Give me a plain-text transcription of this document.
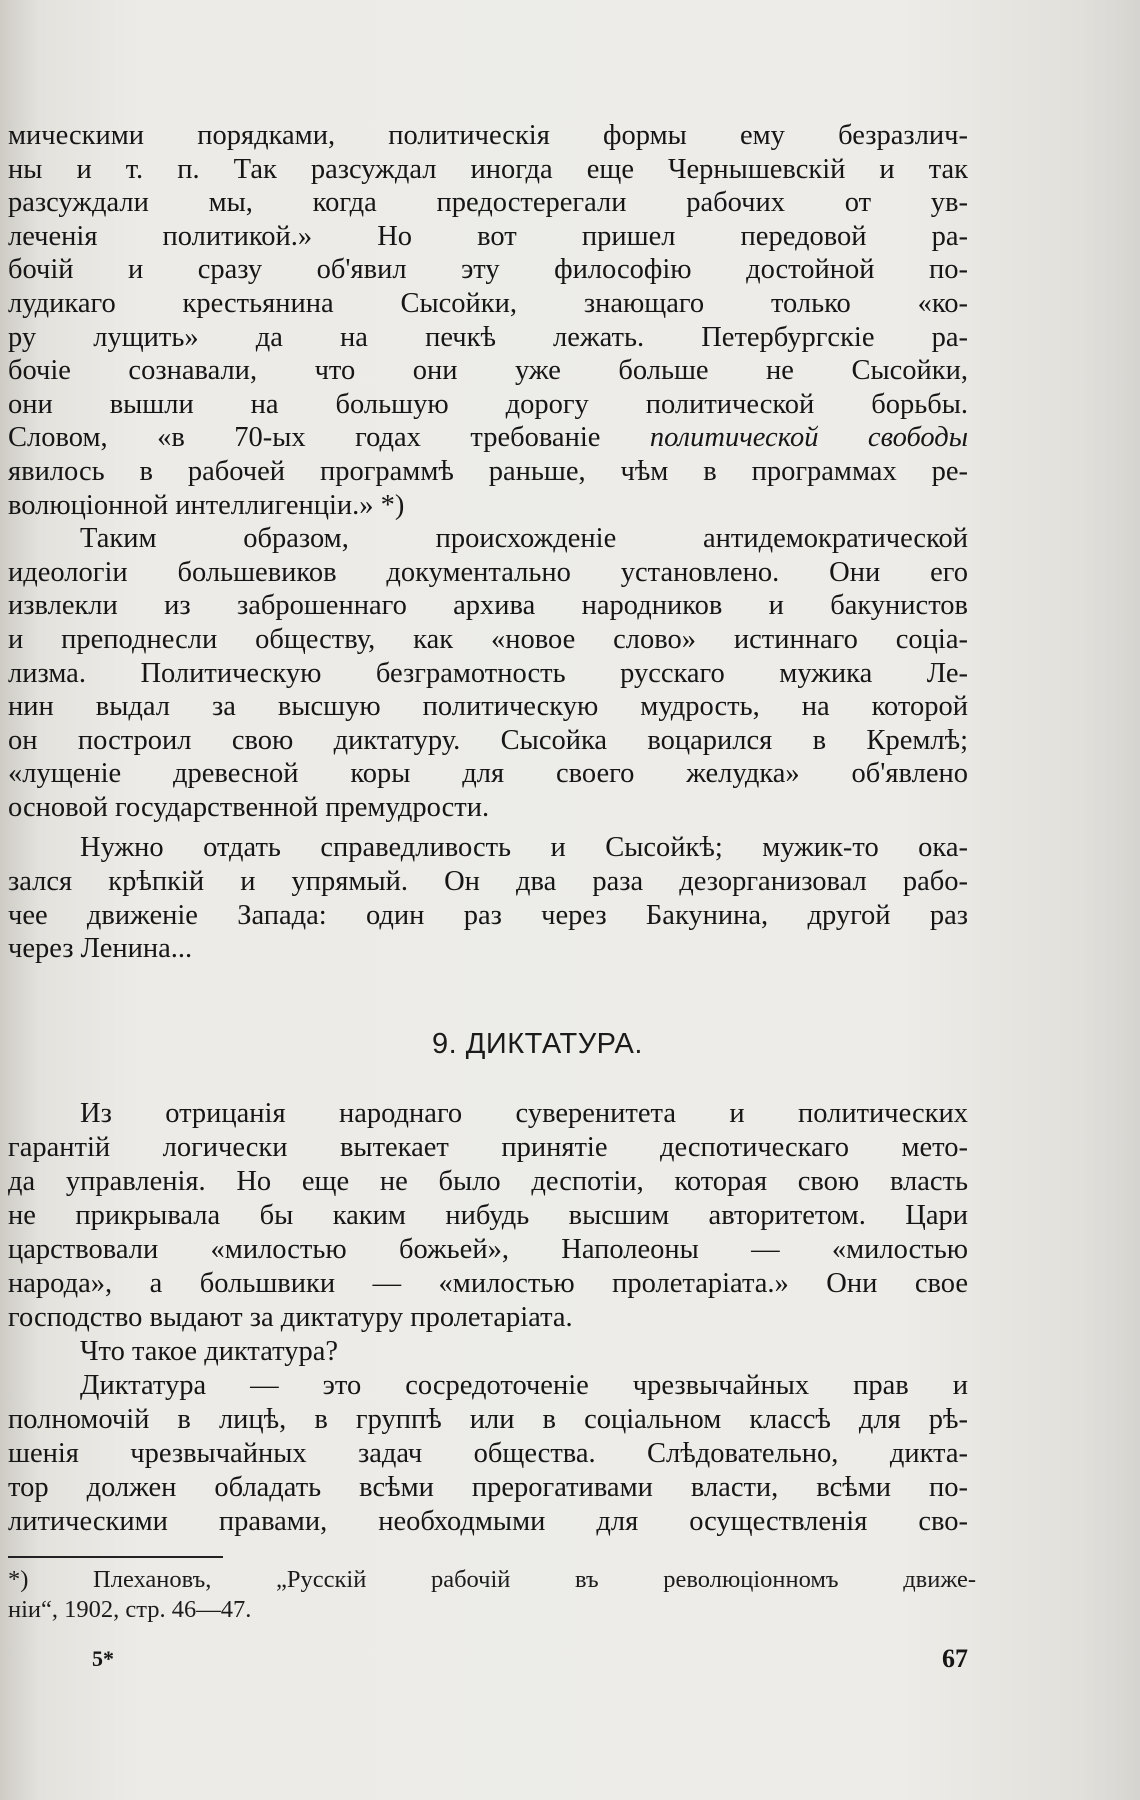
мическими порядками, политическія формы ему безразлич-
ны и т. п. Так разсуждал иногда еще Чернышевскій и так
разсуждали мы, когда предостерегали рабочих от ув-
леченія политикой.» Но вот пришел передовой ра-
бочій и сразу об'явил эту философію достойной по-
лудикаго крестьянина Сысойки, знающаго только «ко-
ру лущить» да на печкѣ лежать. Петербургскіе ра-
бочіе сознавали, что они уже больше не Сысойки,
они вышли на большую дорогу политической борьбы.
Словом, «в 70-ых годах требованіе политической свободы
явилось в рабочей программѣ раньше, чѣм в программах ре-
волюціонной интеллигенціи.» *)
Таким образом, происхожденіе антидемократической
идеологіи большевиков документально установлено. Они его
извлекли из заброшеннаго архива народников и бакунистов
и преподнесли обществу, как «новое слово» истиннаго соціа-
лизма. Политическую безграмотность русскаго мужика Ле-
нин выдал за высшую политическую мудрость, на которой
он построил свою диктатуру. Сысойка воцарился в Кремлѣ;
«лущеніе древесной коры для своего желудка» об'явлено
основой государственной премудрости.
Нужно отдать справедливость и Сысойкѣ; мужик-то ока-
зался крѣпкій и упрямый. Он два раза дезорганизовал рабо-
чее движеніе Запада: один раз через Бакунина, другой раз
через Ленина...
9. ДИКТАТУРА.
Из отрицанія народнаго суверенитета и политических
гарантій логически вытекает принятіе деспотическаго мето-
да управленія. Но еще не было деспотіи, которая свою власть
не прикрывала бы каким нибудь высшим авторитетом. Цари
царствовали «милостью божьей», Наполеоны — «милостью
народа», а большвики — «милостью пролетаріата.» Они свое
господство выдают за диктатуру пролетаріата.
Что такое диктатура?
Диктатура — это сосредоточеніе чрезвычайных прав и
полномочій в лицѣ, в группѣ или в соціальном классѣ для рѣ-
шенія чрезвычайных задач общества. Слѣдовательно, дикта-
тор должен обладать всѣми прерогативами власти, всѣми по-
литическими правами, необходмыми для осуществленія сво-
*) Плехановъ, „Русскій рабочій въ революціонномъ движе-
ніи“, 1902, стр. 46—47.
5*	67
